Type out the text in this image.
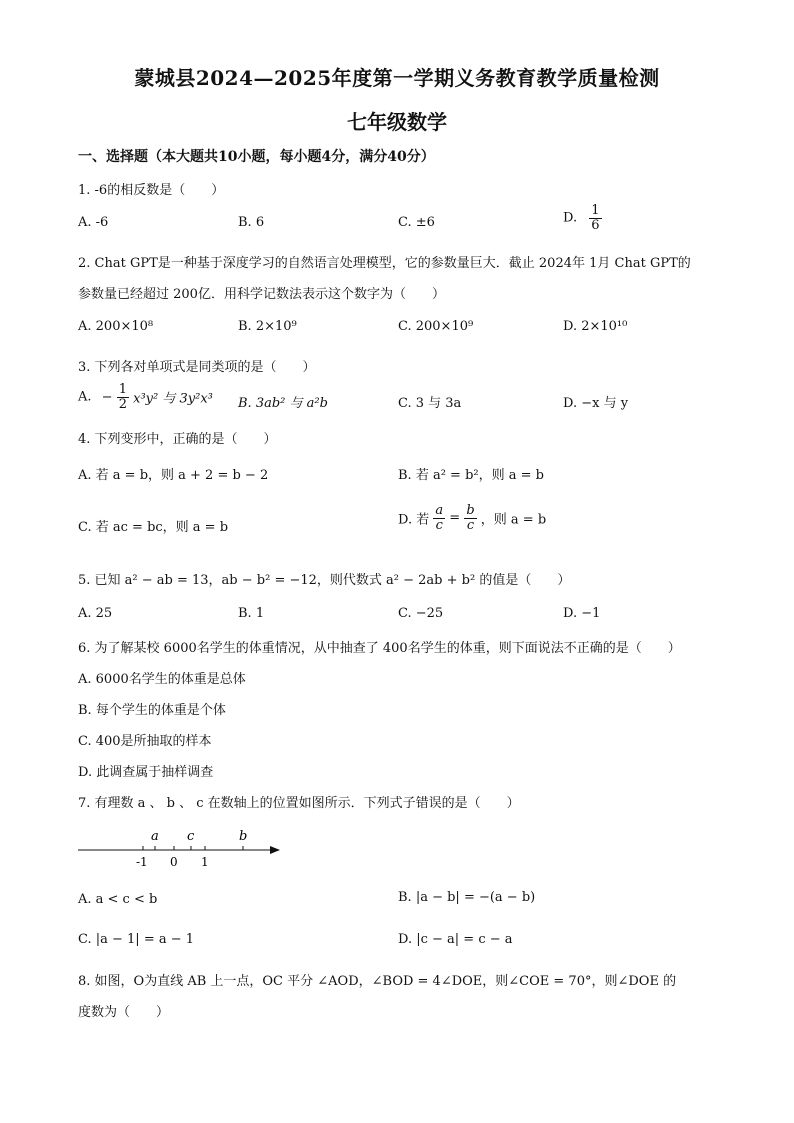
蒙城县2024—2025年度第一学期义务教育教学质量检测
七年级数学
一、选择题（本大题共10小题，每小题4分，满分40分）
1. -6的相反数是（　　）
A. -6	B. 6	C. ±6	D. $\frac{1}{6}$
2. Chat GPT是一种基于深度学习的自然语言处理模型，它的参数量巨大．截止 2024年 1月 Chat GPT的
参数量已经超过 200亿．用科学记数法表示这个数字为（　　）
A. 200×10⁸	B. 2×10⁹	C. 200×10⁹	D. 2×10¹⁰
3. 下列各对单项式是同类项的是（　　）
A. − $\frac{1}{2} x^3y^2$ 与 3y²x³ B. 3ab² 与 a²b	C. 3 与 3a	D. −x 与 y
4. 下列变形中，正确的是（　　）
A. 若 a = b，则 a + 2 = b − 2	B. 若 a² = b²，则 a = b
C. 若 ac = bc，则 a = b	D. 若 $\frac{a}{c} = \frac{b}{c}$ ，则 a = b
5. 已知 a² − ab = 13，ab − b² = −12，则代数式 a² − 2ab + b² 的值是（　　）
A. 25	B. 1	C. −25	D. −1
6. 为了解某校 6000名学生的体重情况，从中抽查了 400名学生的体重，则下面说法不正确的是（　　）
A. 6000名学生的体重是总体
B. 每个学生的体重是个体
C. 400是所抽取的样本
D. 此调查属于抽样调查
7. 有理数 a 、 b 、 c 在数轴上的位置如图所示．下列式子错误的是（　　）
a c	b
-1 0 1
A. a < c < b	B. |a − b| = −(a − b)
C. |a − 1| = a − 1	D. |c − a| = c − a
8. 如图，O为直线 AB 上一点，OC 平分 ∠AOD，∠BOD = 4∠DOE，则∠COE = 70°，则∠DOE 的
度数为（　　）
